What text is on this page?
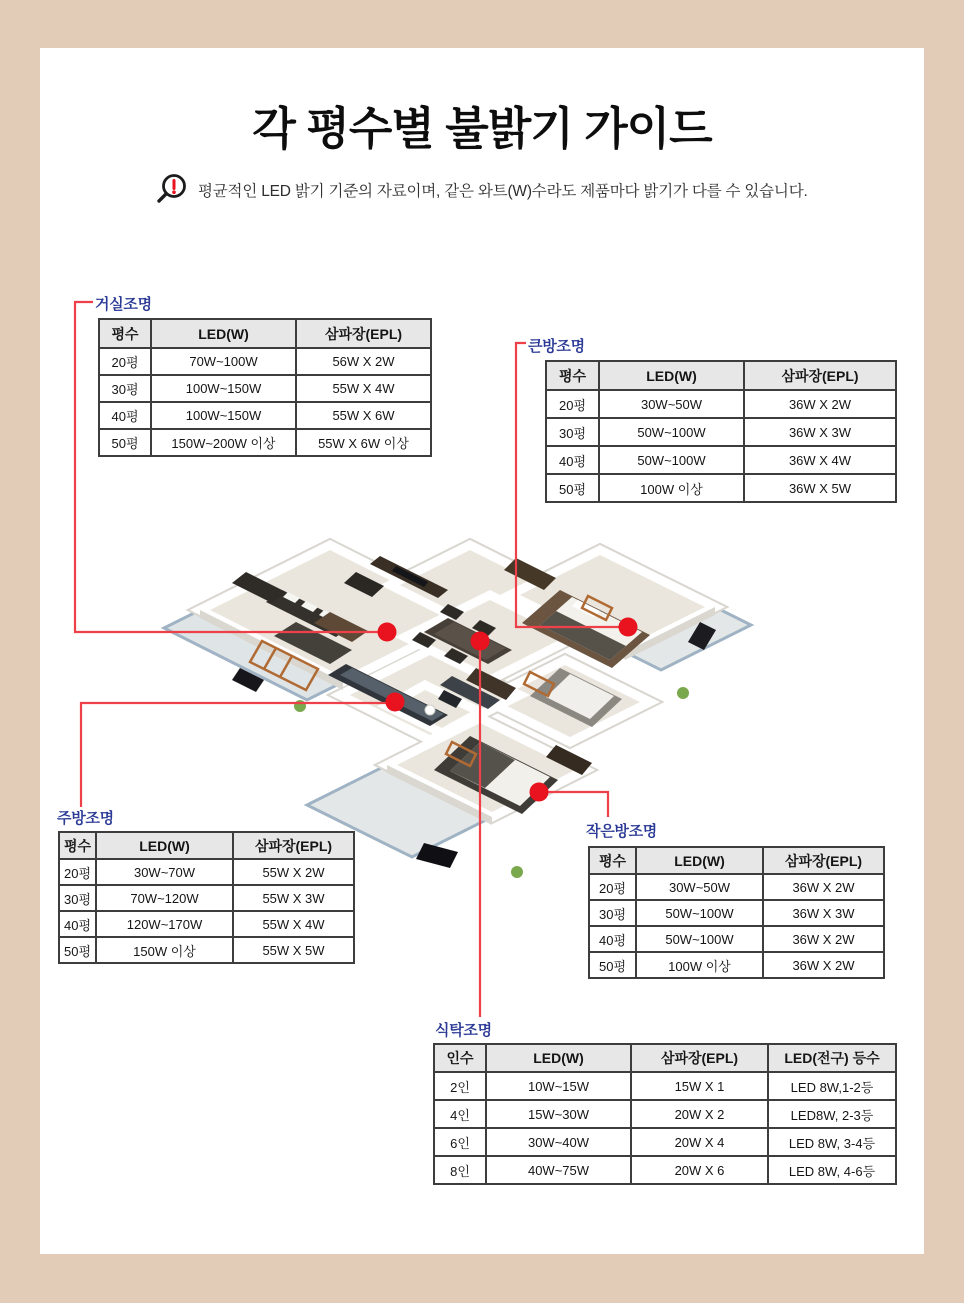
각 평수별 불밝기 가이드
평균적인 LED 밝기 기준의 자료이며, 같은 와트(W)수라도 제품마다 밝기가 다를 수 있습니다.
거실조명
평수	LED(W)	삼파장(EPL)
20평	70W~100W	56W X 2W
30평	100W~150W	55W X 4W
40평	100W~150W	55W X 6W
50평	150W~200W 이상	55W X 6W 이상
큰방조명
평수	LED(W)	삼파장(EPL)
20평	30W~50W	36W X 2W
30평	50W~100W	36W X 3W
40평	50W~100W	36W X 4W
50평	100W 이상	36W X 5W
주방조명
평수	LED(W)	삼파장(EPL)
20평	30W~70W	55W X 2W
30평	70W~120W	55W X 3W
40평	120W~170W	55W X 4W
50평	150W 이상	55W X 5W
작은방조명
평수	LED(W)	삼파장(EPL)
20평	30W~50W	36W X 2W
30평	50W~100W	36W X 3W
40평	50W~100W	36W X 2W
50평	100W 이상	36W X 2W
식탁조명
인수	LED(W)	삼파장(EPL)	LED(전구) 등수
2인	10W~15W	15W X 1	LED 8W,1-2등
4인	15W~30W	20W X 2	LED8W, 2-3등
6인	30W~40W	20W X 4	LED 8W, 3-4등
8인	40W~75W	20W X 6	LED 8W, 4-6등
